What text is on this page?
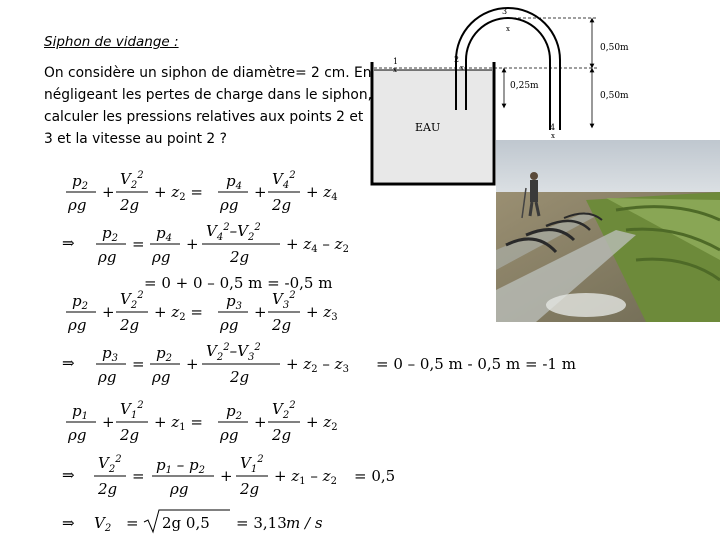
Siphon de vidange :
On considère un siphon de diamètre= 2 cm. En négligeant les pertes de charge dans le siphon, calculer les pressions relatives aux points 2 et 3 et la vitesse au point 2 ?
EAU
1
x
2
x
3
x
4
x
0,50m
0,25m
0,50m
$p_2$
ρg
+
$V_2^2$
2g
+ $z_2$ =
$p_4$
ρg
+
$V_4^2$
2g
+ $z_4$
⇒
$p_2$
ρg
=
$p_4$
ρg
+
$V_4^2-V_2^2$
2g
+ $z_4 - z_2$
= 0 + 0 – 0,5 m = -0,5 m
$p_2$
ρg
+
$V_2^2$
2g
+ $z_2$ =
$p_3$
ρg
+
$V_3^2$
2g
+ $z_3$
⇒
$p_3$
ρg
=
$p_2$
ρg
+
$V_2^2-V_3^2$
2g
+ $z_2 - z_3 = 0 - 0,5$ m - 0,5 m = -1 m
$p_1$
ρg
+
$V_1^2$
2g
+ $z_1$ =
$p_2$
ρg
+
$V_2^2$
2g
+ $z_2$
⇒
$V_2^2$
2g
=
$p_1 - p_2$
ρg
+
$V_1^2$
2g
+ $z_1 - z_2 = 0,5$
⇒ $V_2 = 2g$ 0,5 = 3,13 m / s
